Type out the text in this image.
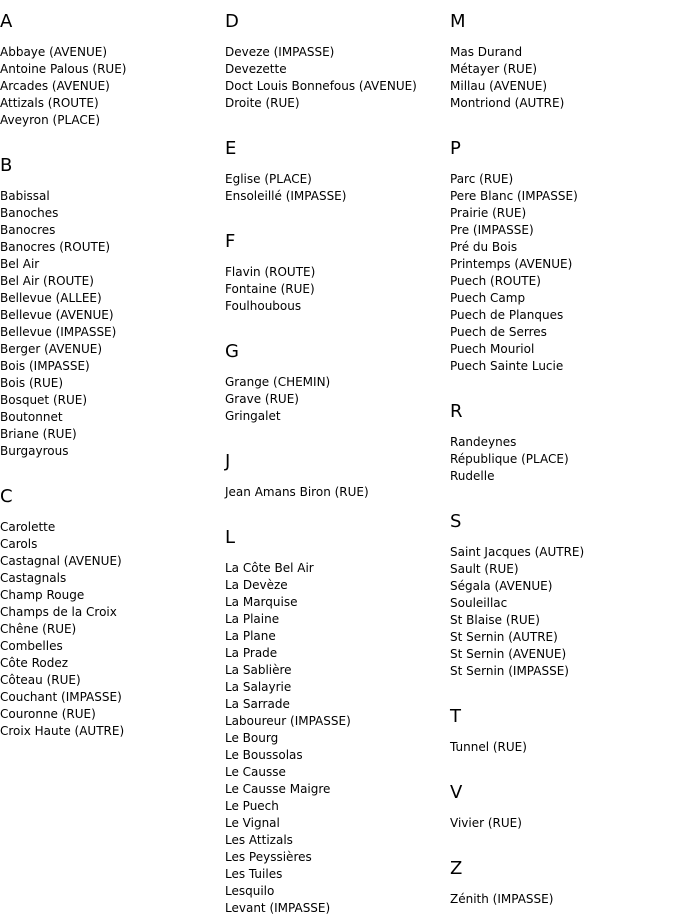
A
Abbaye (AVENUE)
Antoine Palous (RUE)
Arcades (AVENUE)
Attizals (ROUTE)
Aveyron (PLACE)
B
Babissal
Banoches
Banocres
Banocres (ROUTE)
Bel Air
Bel Air (ROUTE)
Bellevue (ALLEE)
Bellevue (AVENUE)
Bellevue (IMPASSE)
Berger (AVENUE)
Bois (IMPASSE)
Bois (RUE)
Bosquet (RUE)
Boutonnet
Briane (RUE)
Burgayrous
C
Carolette
Carols
Castagnal (AVENUE)
Castagnals
Champ Rouge
Champs de la Croix
Chêne (RUE)
Combelles
Côte Rodez
Côteau (RUE)
Couchant (IMPASSE)
Couronne (RUE)
Croix Haute (AUTRE)
D
Deveze (IMPASSE)
Devezette
Doct Louis Bonnefous (AVENUE)
Droite (RUE)
E
Eglise (PLACE)
Ensoleillé (IMPASSE)
F
Flavin (ROUTE)
Fontaine (RUE)
Foulhoubous
G
Grange (CHEMIN)
Grave (RUE)
Gringalet
J
Jean Amans Biron (RUE)
L
La Côte Bel Air
La Devèze
La Marquise
La Plaine
La Plane
La Prade
La Sablière
La Salayrie
La Sarrade
Laboureur (IMPASSE)
Le Bourg
Le Boussolas
Le Causse
Le Causse Maigre
Le Puech
Le Vignal
Les Attizals
Les Peyssières
Les Tuiles
Lesquilo
Levant (IMPASSE)
M
Mas Durand
Métayer (RUE)
Millau (AVENUE)
Montriond (AUTRE)
P
Parc (RUE)
Pere Blanc (IMPASSE)
Prairie (RUE)
Pre (IMPASSE)
Pré du Bois
Printemps (AVENUE)
Puech (ROUTE)
Puech Camp
Puech de Planques
Puech de Serres
Puech Mouriol
Puech Sainte Lucie
R
Randeynes
République (PLACE)
Rudelle
S
Saint Jacques (AUTRE)
Sault (RUE)
Ségala (AVENUE)
Souleillac
St Blaise (RUE)
St Sernin (AUTRE)
St Sernin (AVENUE)
St Sernin (IMPASSE)
T
Tunnel (RUE)
V
Vivier (RUE)
Z
Zénith (IMPASSE)
